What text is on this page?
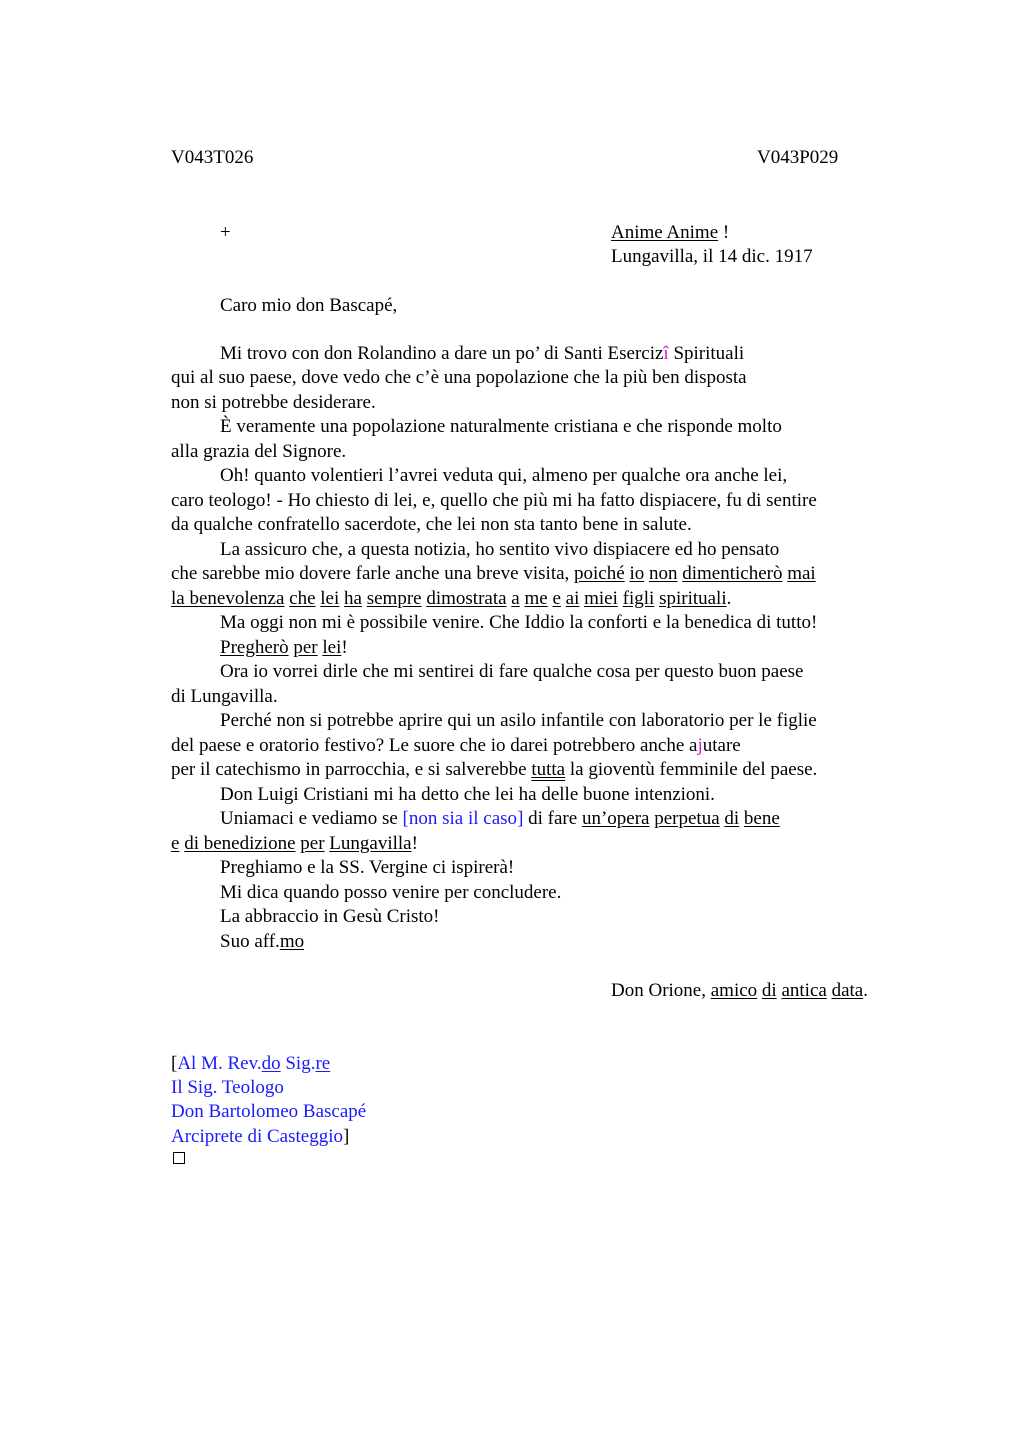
V043T026	V043P029
+	Anime Anime !
Lungavilla, il 14 dic. 1917
Caro mio don Bascapé,
Mi trovo con don Rolandino a dare un po’ di Santi Esercizî Spirituali
qui al suo paese, dove vedo che c’è una popolazione che la più ben disposta
non si potrebbe desiderare.
È veramente una popolazione naturalmente cristiana e che risponde molto
alla grazia del Signore.
Oh! quanto volentieri l’avrei veduta qui, almeno per qualche ora anche lei,
caro teologo! - Ho chiesto di lei, e, quello che più mi ha fatto dispiacere, fu di sentire
da qualche confratello sacerdote, che lei non sta tanto bene in salute.
La assicuro che, a questa notizia, ho sentito vivo dispiacere ed ho pensato
che sarebbe mio dovere farle anche una breve visita, poiché io non dimenticherò mai
la benevolenza che lei ha sempre dimostrata a me e ai miei figli spirituali.
Ma oggi non mi è possibile venire. Che Iddio la conforti e la benedica di tutto!
Pregherò per lei!
Ora io vorrei dirle che mi sentirei di fare qualche cosa per questo buon paese
di Lungavilla.
Perché non si potrebbe aprire qui un asilo infantile con laboratorio per le figlie
del paese e oratorio festivo? Le suore che io darei potrebbero anche ajutare
per il catechismo in parrocchia, e si salverebbe tutta la gioventù femminile del paese.
Don Luigi Cristiani mi ha detto che lei ha delle buone intenzioni.
Uniamaci e vediamo se [non sia il caso] di fare un’opera perpetua di bene
e di benedizione per Lungavilla!
Preghiamo e la SS. Vergine ci ispirerà!
Mi dica quando posso venire per concludere.
La abbraccio in Gesù Cristo!
Suo aff.mo
Don Orione, amico di antica data.
[Al M. Rev.do Sig.re
Il Sig. Teologo
Don Bartolomeo Bascapé
Arciprete di Casteggio]
